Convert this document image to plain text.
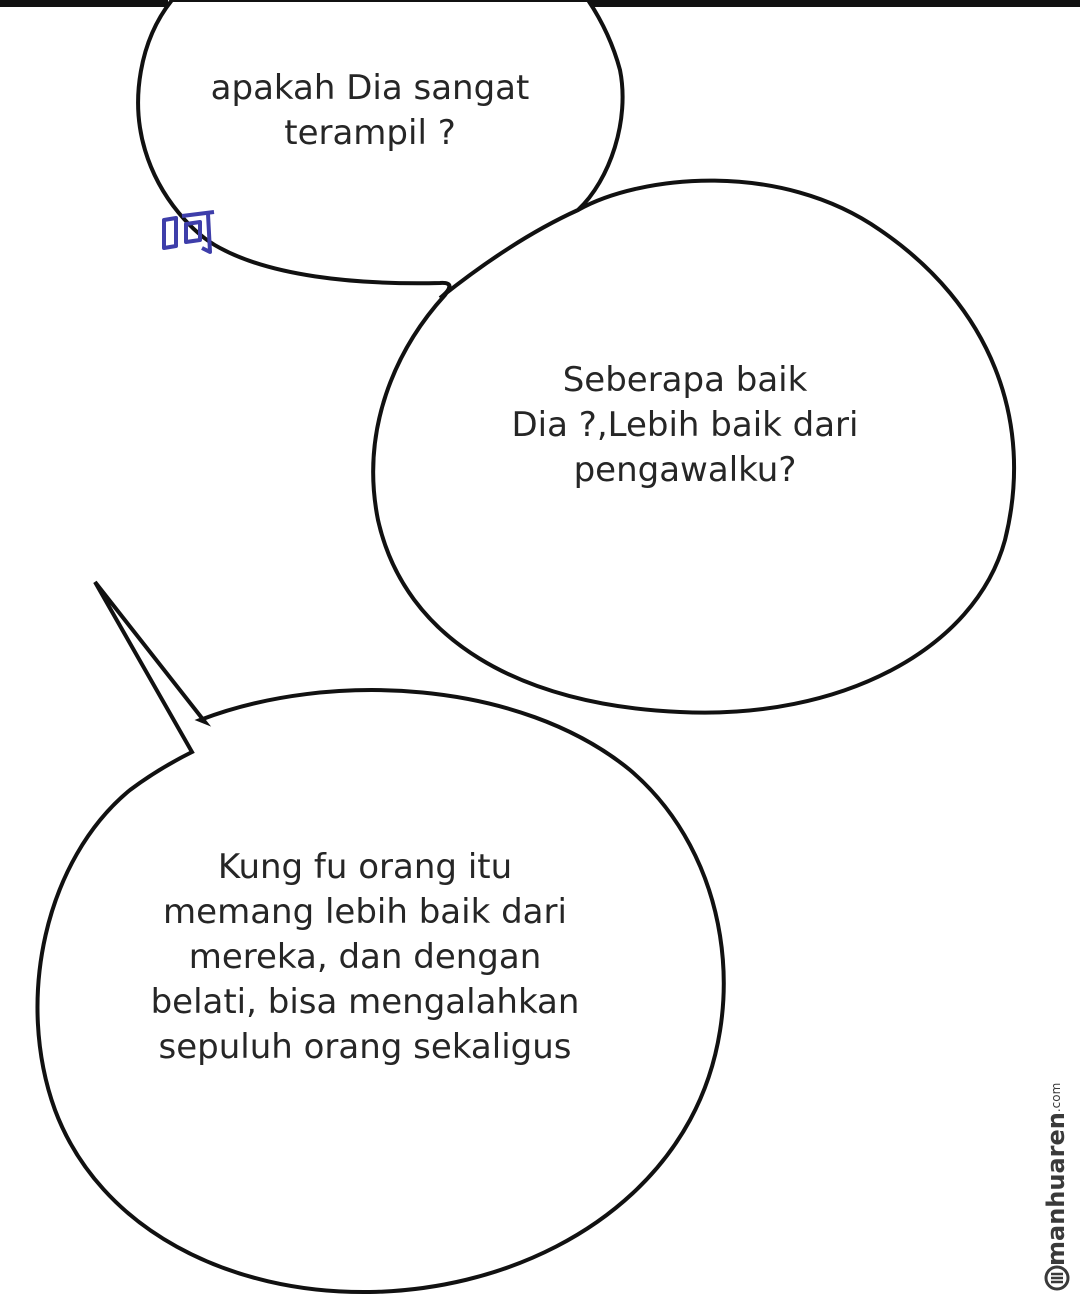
apakah Dia sangat
terampil ?

Seberapa baik
Dia ?,Lebih baik dari
pengawalku?

Kung fu orang itu
memang lebih baik dari
mereka, dan dengan
belati, bisa mengalahkan
sepuluh orang sekaligus

manhuaren.com
